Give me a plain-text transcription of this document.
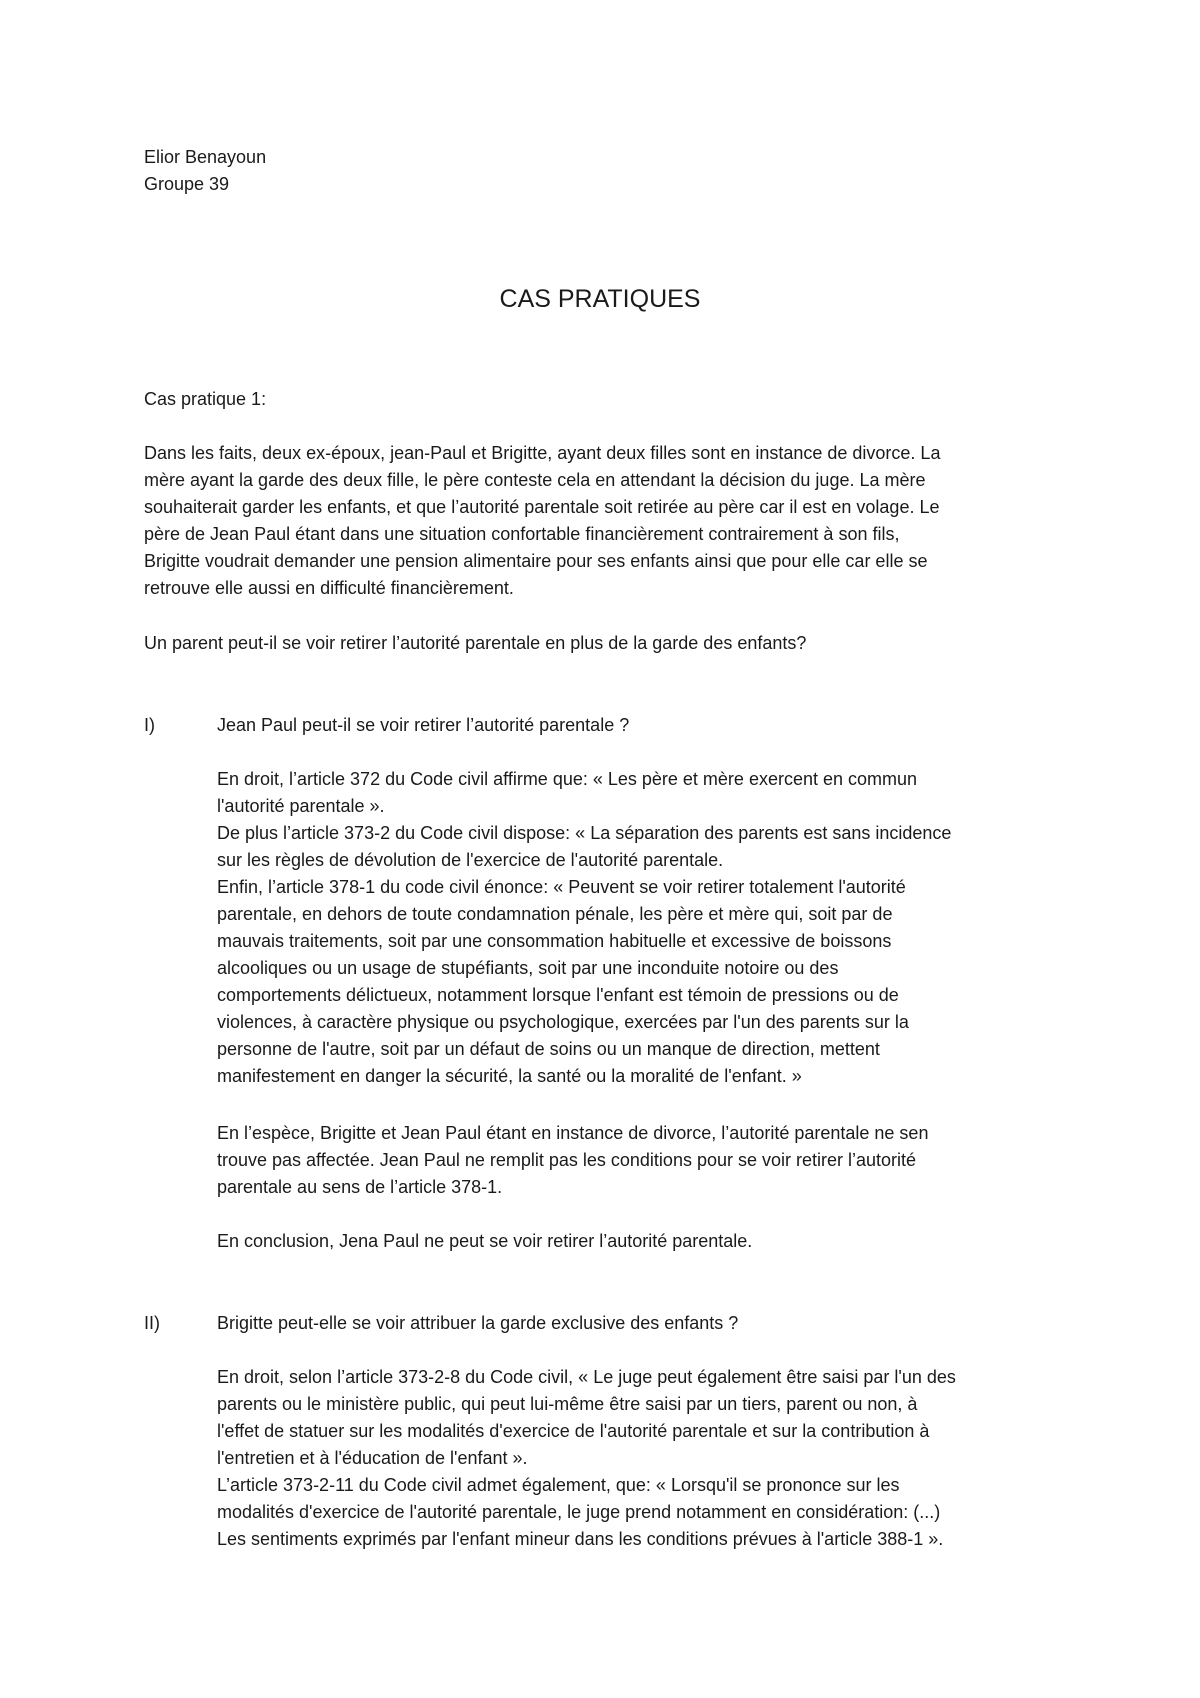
Elior Benayoun

Groupe 39

CAS PRATIQUES

Cas pratique 1:

Dans les faits, deux ex-époux, jean-Paul et Brigitte, ayant deux filles sont en instance de divorce. La

mère ayant la garde des deux fille, le père conteste cela en attendant la décision du juge. La mère

souhaiterait garder les enfants, et que l’autorité parentale soit retirée au père car il est en volage. Le

père de Jean Paul étant dans une situation confortable financièrement contrairement à son fils,

Brigitte voudrait demander une pension alimentaire pour ses enfants ainsi que pour elle car elle se

retrouve elle aussi en difficulté financièrement.

Un parent peut-il se voir retirer l’autorité parentale en plus de la garde des enfants?

I)	Jean Paul peut-il se voir retirer l’autorité parentale ?

En droit, l’article 372 du Code civil affirme que: « Les père et mère exercent en commun

l'autorité parentale ».

De plus l’article 373-2 du Code civil dispose: « La séparation des parents est sans incidence

sur les règles de dévolution de l'exercice de l'autorité parentale.

Enfin, l’article 378-1 du code civil énonce: « Peuvent se voir retirer totalement l'autorité

parentale, en dehors de toute condamnation pénale, les père et mère qui, soit par de

mauvais traitements, soit par une consommation habituelle et excessive de boissons

alcooliques ou un usage de stupéfiants, soit par une inconduite notoire ou des

comportements délictueux, notamment lorsque l'enfant est témoin de pressions ou de

violences, à caractère physique ou psychologique, exercées par l'un des parents sur la

personne de l'autre, soit par un défaut de soins ou un manque de direction, mettent

manifestement en danger la sécurité, la santé ou la moralité de l'enfant. »

En l’espèce, Brigitte et Jean Paul étant en instance de divorce, l’autorité parentale ne sen

trouve pas affectée. Jean Paul ne remplit pas les conditions pour se voir retirer l’autorité

parentale au sens de l’article 378-1.

En conclusion, Jena Paul ne peut se voir retirer l’autorité parentale.

II)	Brigitte peut-elle se voir attribuer la garde exclusive des enfants ?

En droit, selon l’article 373-2-8 du Code civil, « Le juge peut également être saisi par l'un des

parents ou le ministère public, qui peut lui-même être saisi par un tiers, parent ou non, à

l'effet de statuer sur les modalités d'exercice de l'autorité parentale et sur la contribution à

l'entretien et à l'éducation de l'enfant ».

L’article 373-2-11 du Code civil admet également, que: « Lorsqu'il se prononce sur les

modalités d'exercice de l'autorité parentale, le juge prend notamment en considération: (...)

Les sentiments exprimés par l'enfant mineur dans les conditions prévues à l'article 388-1 ».
